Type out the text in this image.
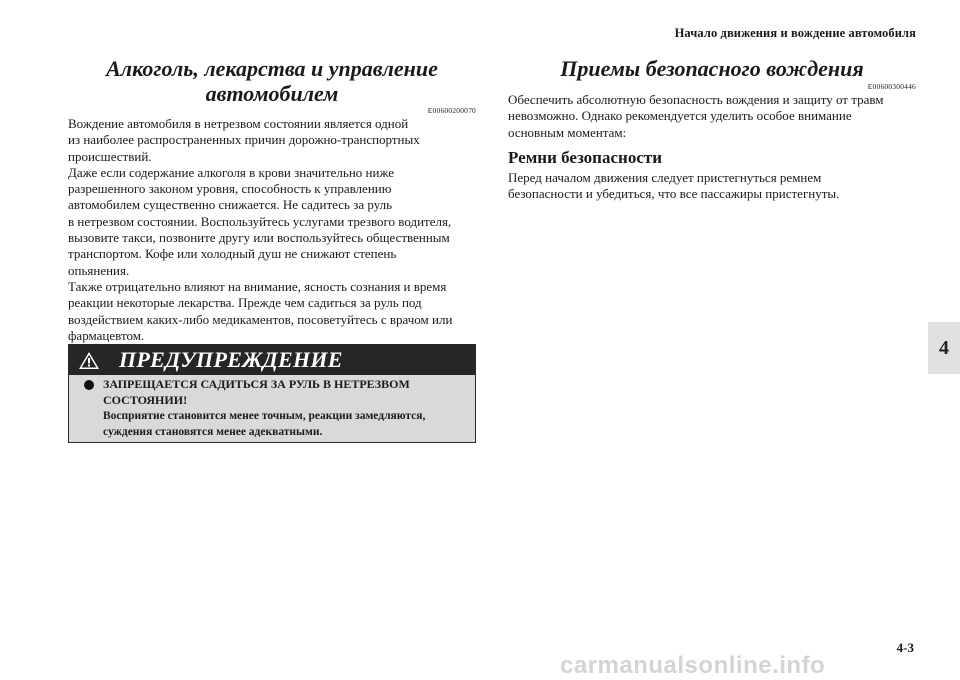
Начало движения и вождение автомобиля
4
Алкоголь, лекарства и управление
автомобилем
E00600200070
Вождение автомобиля в нетрезвом состоянии является одной
из наиболее распространенных причин дорожно-транспортных
происшествий.
Даже если содержание алкоголя в крови значительно ниже
разрешенного законом уровня, способность к управлению
автомобилем существенно снижается. Не садитесь за руль
в нетрезвом состоянии. Воспользуйтесь услугами трезвого водителя,
вызовите такси, позвоните другу или воспользуйтесь общественным
транспортом. Кофе или холодный душ не снижают степень
опьянения.
Также отрицательно влияют на внимание, ясность сознания и время
реакции некоторые лекарства. Прежде чем садиться за руль под
воздействием каких-либо медикаментов, посоветуйтесь с врачом или
фармацевтом.
ПРЕДУПРЕЖДЕНИЕ
ЗАПРЕЩАЕТСЯ САДИТЬСЯ ЗА РУЛЬ В НЕТРЕЗВОМ
СОСТОЯНИИ!
Восприятие становится менее точным, реакции замедляются,
суждения становятся менее адекватными.
Приемы безопасного вождения
E00600300446
Обеспечить абсолютную безопасность вождения и защиту от травм
невозможно. Однако рекомендуется уделить особое внимание
основным моментам:
Ремни безопасности
Перед началом движения следует пристегнуться ремнем
безопасности и убедиться, что все пассажиры пристегнуты.
4-3
carmanualsonline.info
